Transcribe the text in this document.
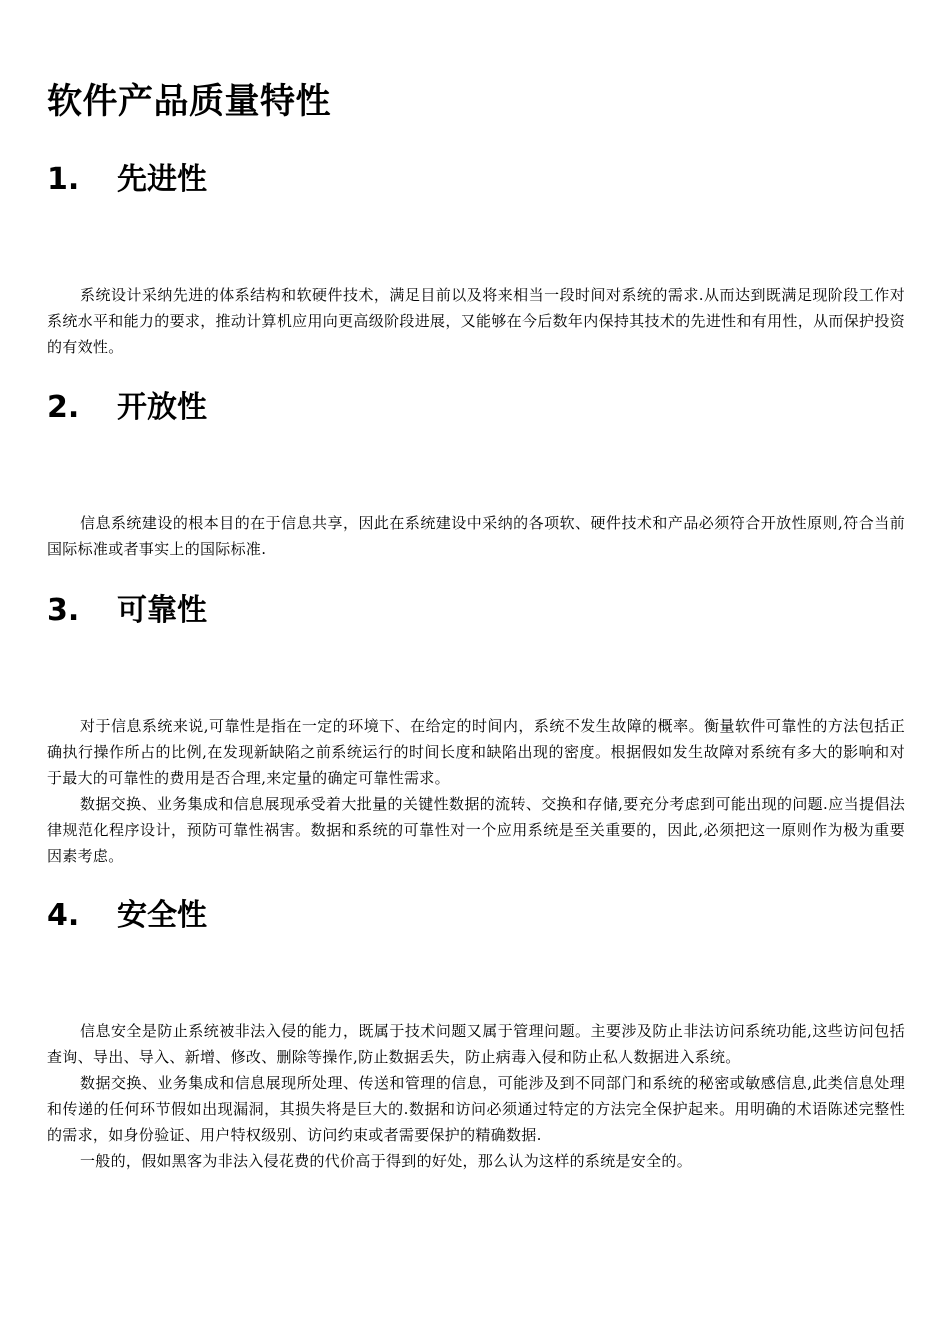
软件产品质量特性
1. 先进性

系统设计采纳先进的体系结构和软硬件技术，满足目前以及将来相当一段时间对系统的需求.从而达到既满足现阶段工作对系统水平和能力的要求，推动计算机应用向更高级阶段进展，又能够在今后数年内保持其技术的先进性和有用性，从而保护投资的有效性。

2. 开放性

信息系统建设的根本目的在于信息共享，因此在系统建设中采纳的各项软、硬件技术和产品必须符合开放性原则,符合当前国际标准或者事实上的国际标准.

3. 可靠性

对于信息系统来说,可靠性是指在一定的环境下、在给定的时间内，系统不发生故障的概率。衡量软件可靠性的方法包括正确执行操作所占的比例,在发现新缺陷之前系统运行的时间长度和缺陷出现的密度。根据假如发生故障对系统有多大的影响和对于最大的可靠性的费用是否合理,来定量的确定可靠性需求。

数据交换、业务集成和信息展现承受着大批量的关键性数据的流转、交换和存储,要充分考虑到可能出现的问题.应当提倡法律规范化程序设计，预防可靠性祸害。数据和系统的可靠性对一个应用系统是至关重要的，因此,必须把这一原则作为极为重要因素考虑。

4. 安全性

信息安全是防止系统被非法入侵的能力，既属于技术问题又属于管理问题。主要涉及防止非法访问系统功能,这些访问包括查询、导出、导入、新增、修改、删除等操作,防止数据丢失，防止病毒入侵和防止私人数据进入系统。

数据交换、业务集成和信息展现所处理、传送和管理的信息，可能涉及到不同部门和系统的秘密或敏感信息,此类信息处理和传递的任何环节假如出现漏洞，其损失将是巨大的.数据和访问必须通过特定的方法完全保护起来。用明确的术语陈述完整性的需求，如身份验证、用户特权级别、访问约束或者需要保护的精确数据.

一般的，假如黑客为非法入侵花费的代价高于得到的好处，那么认为这样的系统是安全的。
